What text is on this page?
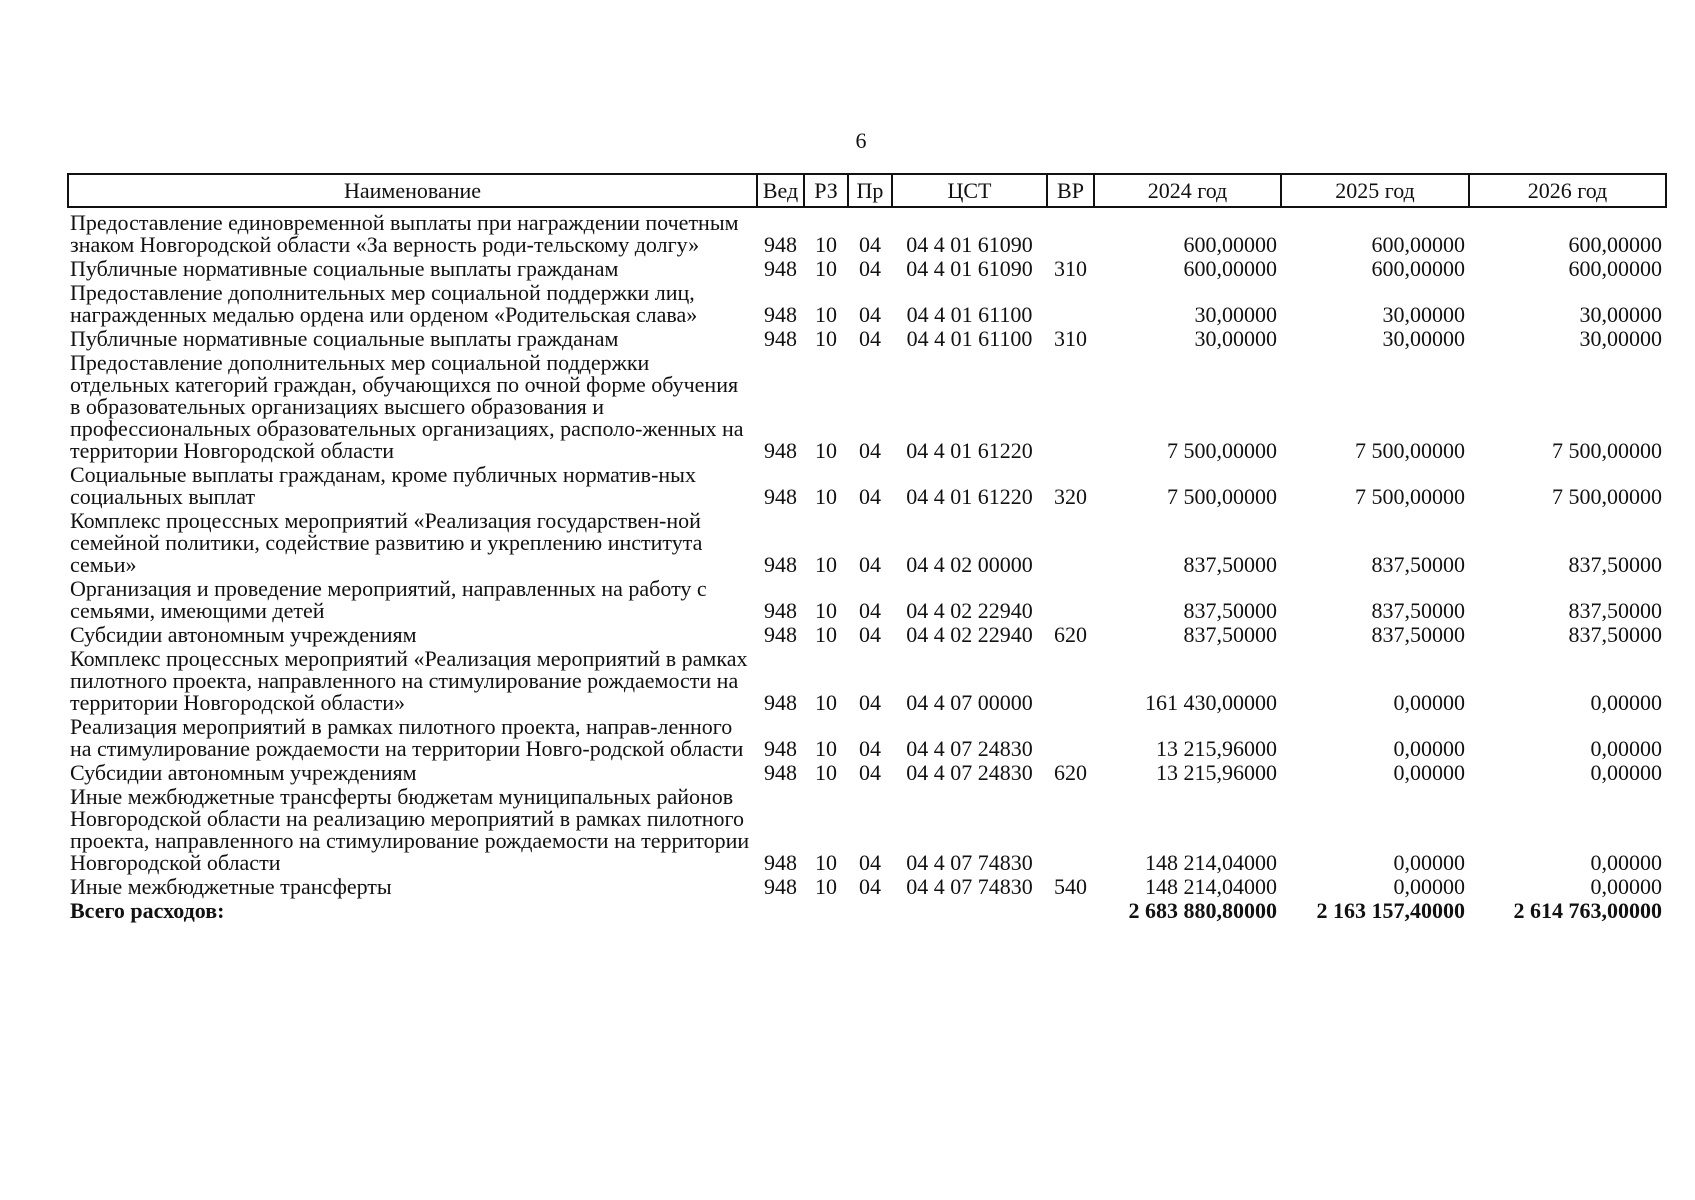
6
Наименование	Вед	РЗ	Пр	ЦСТ	ВР	2024 год	2025 год	2026 год
Предоставление единовременной выплаты при награждении почетным знаком Новгородской области «За верность роди-тельскому долгу»	948	10	04	04 4 01 61090		600,00000	600,00000	600,00000
Публичные нормативные социальные выплаты гражданам	948	10	04	04 4 01 61090	310	600,00000	600,00000	600,00000
Предоставление дополнительных мер социальной поддержки лиц, награжденных медалью ордена или орденом «Родительская слава»	948	10	04	04 4 01 61100		30,00000	30,00000	30,00000
Публичные нормативные социальные выплаты гражданам	948	10	04	04 4 01 61100	310	30,00000	30,00000	30,00000
Предоставление дополнительных мер социальной поддержки отдельных категорий граждан, обучающихся по очной форме обучения в образовательных организациях высшего образования и профессиональных образовательных организациях, располо-женных на территории Новгородской области	948	10	04	04 4 01 61220		7 500,00000	7 500,00000	7 500,00000
Социальные выплаты гражданам, кроме публичных норматив-ных социальных выплат	948	10	04	04 4 01 61220	320	7 500,00000	7 500,00000	7 500,00000
Комплекс процессных мероприятий «Реализация государствен-ной семейной политики, содействие развитию и укреплению института семьи»	948	10	04	04 4 02 00000		837,50000	837,50000	837,50000
Организация и проведение мероприятий, направленных на работу с семьями, имеющими детей	948	10	04	04 4 02 22940		837,50000	837,50000	837,50000
Субсидии автономным учреждениям	948	10	04	04 4 02 22940	620	837,50000	837,50000	837,50000
Комплекс процессных мероприятий «Реализация мероприятий в рамках пилотного проекта, направленного на стимулирование рождаемости на территории Новгородской области»	948	10	04	04 4 07 00000		161 430,00000	0,00000	0,00000
Реализация мероприятий в рамках пилотного проекта, направ-ленного на стимулирование рождаемости на территории Новго-родской области	948	10	04	04 4 07 24830		13 215,96000	0,00000	0,00000
Субсидии автономным учреждениям	948	10	04	04 4 07 24830	620	13 215,96000	0,00000	0,00000
Иные межбюджетные трансферты бюджетам муниципальных районов Новгородской области на реализацию мероприятий в рамках пилотного проекта, направленного на стимулирование рождаемости на территории Новгородской области	948	10	04	04 4 07 74830		148 214,04000	0,00000	0,00000
Иные межбюджетные трансферты	948	10	04	04 4 07 74830	540	148 214,04000	0,00000	0,00000
Всего расходов:						2 683 880,80000	2 163 157,40000	2 614 763,00000
